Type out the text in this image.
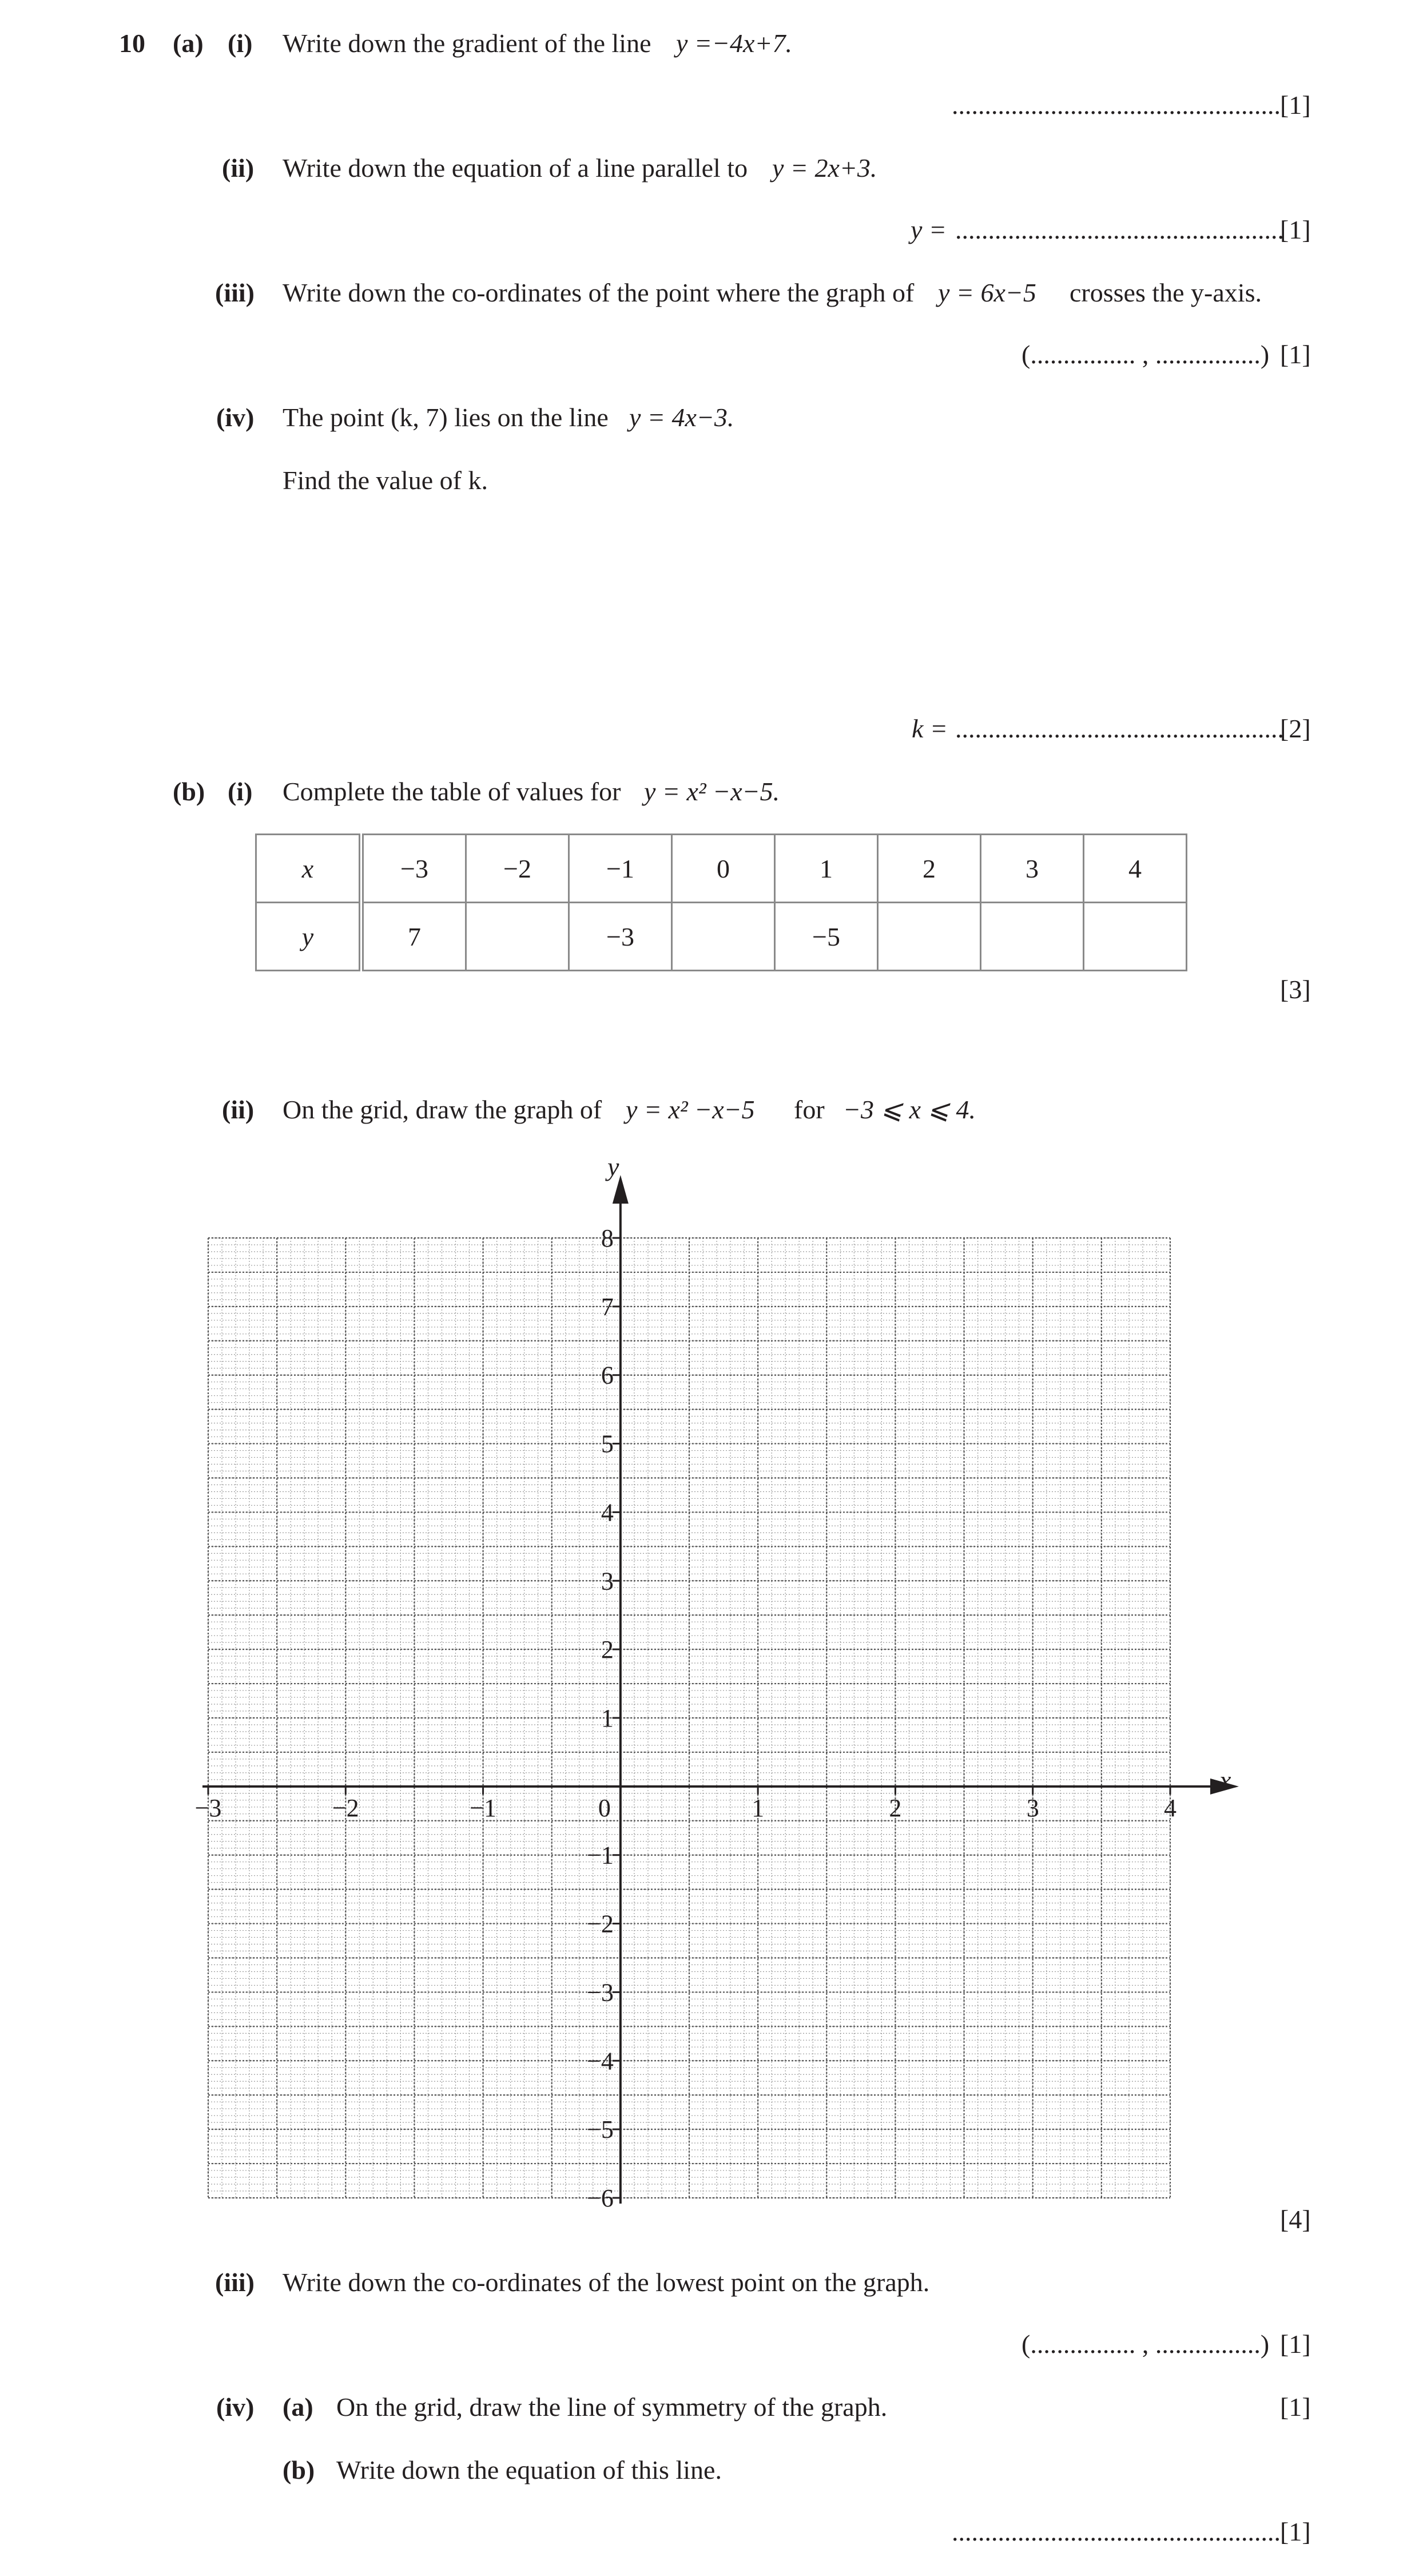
10 (a) (i) Write down the gradient of the line y =−4x+7.
.................................................. [1]
(ii) Write down the equation of a line parallel to y = 2x+3.
y = ..................................................
[1]
(iii) Write down the co-ordinates of the point where the graph of y = 6x−5 crosses the y-axis.
(................ , ................) [1]
(iv) The point (k, 7) lies on the line y = 4x−3.
Find the value of k.
k = ..................................................
[2]
(b) (i) Complete the table of values for y = x² −x−5.
x	−3	−2	−1	0	1	2	3	4
y	7		−3		−5			
[3]
(ii) On the grid, draw the graph of y = x² −x−5 for −3 ⩽ x ⩽ 4.
−3	−2	−1	0	1	2	3	4
−6
−5
−4
−3
−2
−1
1
2
3
4
5
6
7
8
y
x
[4]
(iii) Write down the co-ordinates of the lowest point on the graph.
(................ , ................) [1]
(iv) (a) On the grid, draw the line of symmetry of the graph.	[1]
(b) Write down the equation of this line.
.................................................. [1]
